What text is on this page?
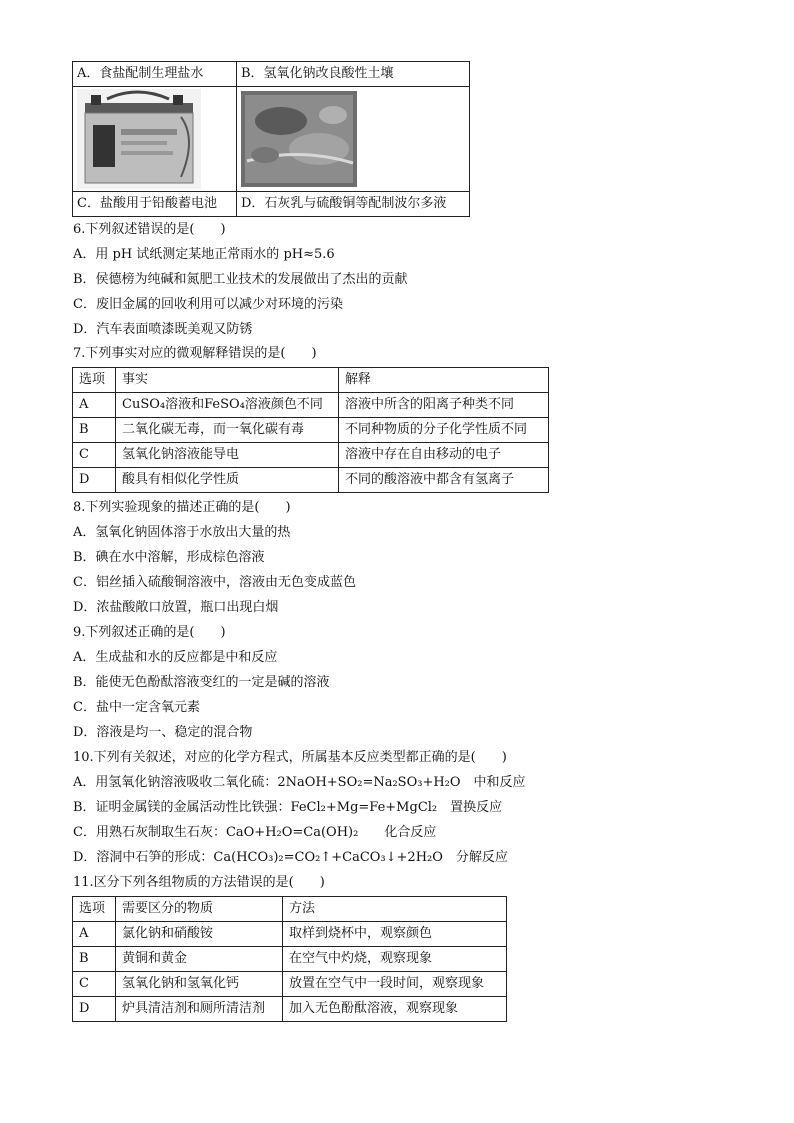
A．食盐配制生理盐水	B．氢氧化钠改良酸性土壤

C．盐酸用于铅酸蓄电池	D．石灰乳与硫酸铜等配制波尔多液
6.下列叙述错误的是(　　)
A．用 pH 试纸测定某地正常雨水的 pH≈5.6
B．侯德榜为纯碱和氮肥工业技术的发展做出了杰出的贡献
C．废旧金属的回收利用可以减少对环境的污染
D．汽车表面喷漆既美观又防锈
7.下列事实对应的微观解释错误的是(　　)
选项	事实	解释
A	CuSO₄溶液和FeSO₄溶液颜色不同	溶液中所含的阳离子种类不同
B	二氧化碳无毒，而一氧化碳有毒	不同种物质的分子化学性质不同
C	氢氧化钠溶液能导电	溶液中存在自由移动的电子
D	酸具有相似化学性质	不同的酸溶液中都含有氢离子
8.下列实验现象的描述正确的是(　　)
A．氢氧化钠固体溶于水放出大量的热
B．碘在水中溶解，形成棕色溶液
C．铝丝插入硫酸铜溶液中，溶液由无色变成蓝色
D．浓盐酸敞口放置，瓶口出现白烟
9.下列叙述正确的是(　　)
A．生成盐和水的反应都是中和反应
B．能使无色酚酞溶液变红的一定是碱的溶液
C．盐中一定含氧元素
D．溶液是均一、稳定的混合物
10.下列有关叙述，对应的化学方程式，所属基本反应类型都正确的是(　　)
A．用氢氧化钠溶液吸收二氧化硫：2NaOH+SO₂=Na₂SO₃+H₂O　中和反应
B．证明金属镁的金属活动性比铁强：FeCl₂+Mg=Fe+MgCl₂　置换反应
C．用熟石灰制取生石灰：CaO+H₂O=Ca(OH)₂　　化合反应
D．溶洞中石笋的形成：Ca(HCO₃)₂=CO₂↑+CaCO₃↓+2H₂O　分解反应
11.区分下列各组物质的方法错误的是(　　)
选项	需要区分的物质	方法
A	氯化钠和硝酸铵	取样到烧杯中，观察颜色
B	黄铜和黄金	在空气中灼烧，观察现象
C	氢氧化钠和氢氧化钙	放置在空气中一段时间，观察现象
D	炉具清洁剂和厕所清洁剂	加入无色酚酞溶液，观察现象
